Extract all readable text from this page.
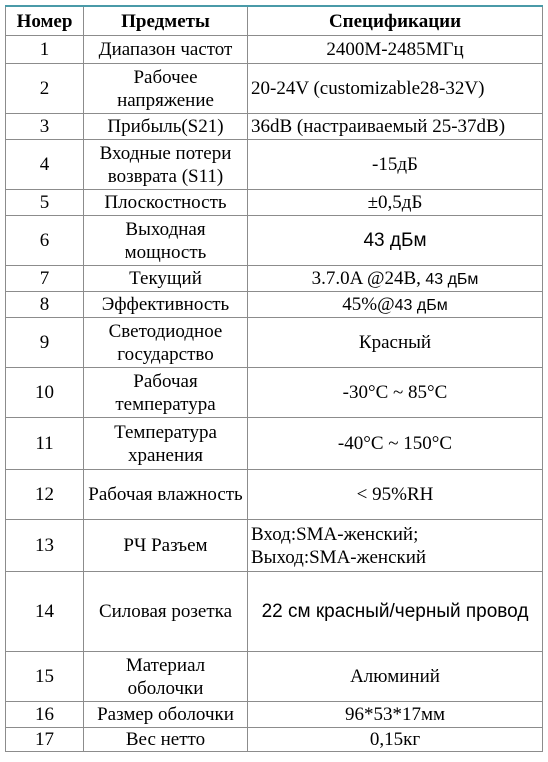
Номер	Предметы	Спецификации
1	Диапазон частот	2400M-2485MГц
2	Рабочее напряжение	20-24V (customizable28-32V)
3	Прибыль(S21)	36dB (настраиваемый 25-37dB)
4	Входные потери возврата (S11)	-15дБ
5	Плоскостность	±0,5дБ
6	Выходная мощность	43 дБм
7	Текущий	3.7.0A @24В, 43 дБм
8	Эффективность	45%@43 дБм
9	Светодиодное государство	Красный
10	Рабочая температура	-30°C ~ 85°C
11	Температура хранения	-40°C ~ 150°C
12	Рабочая влажность	< 95%RH
13	РЧ Разъем	Вход:SMA-женский;
Выход:SMA-женский

14	Силовая розетка	22 см красный/черный провод
15	Материал оболочки	Алюминий
16	Размер оболочки	96*53*17мм
17	Вес нетто	0,15кг
